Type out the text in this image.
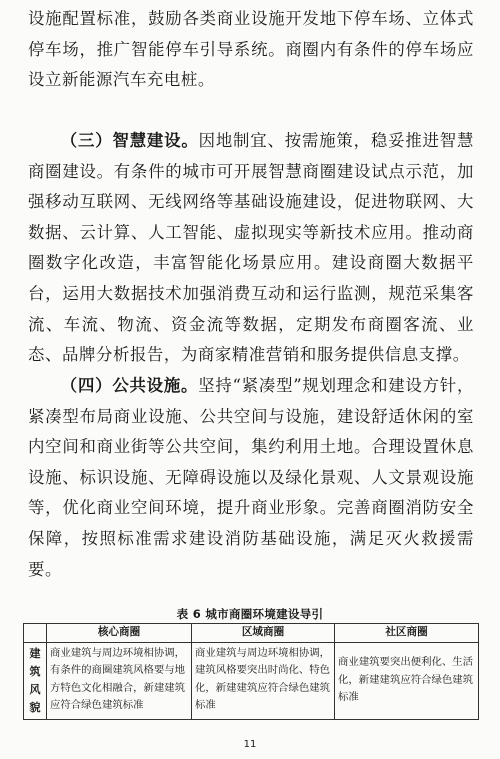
设施配置标准，鼓励各类商业设施开发地下停车场、立体式停车场，推广智能停车引导系统。商圈内有条件的停车场应设立新能源汽车充电桩。

（三）智慧建设。因地制宜、按需施策，稳妥推进智慧商圈建设。有条件的城市可开展智慧商圈建设试点示范，加强移动互联网、无线网络等基础设施建设，促进物联网、大数据、云计算、人工智能、虚拟现实等新技术应用。推动商圈数字化改造，丰富智能化场景应用。建设商圈大数据平台，运用大数据技术加强消费互动和运行监测，规范采集客流、车流、物流、资金流等数据，定期发布商圈客流、业态、品牌分析报告，为商家精准营销和服务提供信息支撑。

（四）公共设施。坚持“紧凑型”规划理念和建设方针，紧凑型布局商业设施、公共空间与设施，建设舒适休闲的室内空间和商业街等公共空间，集约利用土地。合理设置休息设施、标识设施、无障碍设施以及绿化景观、人文景观设施等，优化商业空间环境，提升商业形象。完善商圈消防安全保障，按照标准需求建设消防基础设施，满足灭火救援需要。

表 6 城市商圈环境建设导引
	核心商圈	区域商圈	社区商圈
建
筑
风
貌	商业建筑与周边环境相协调，有条件的商圈建筑风格要与地方特色文化相融合，新建建筑应符合绿色建筑标准	商业建筑与周边环境相协调，建筑风格要突出时尚化、特色化，新建建筑应符合绿色建筑标准	商业建筑要突出便利化、生活化，新建建筑应符合绿色建筑标准
11
